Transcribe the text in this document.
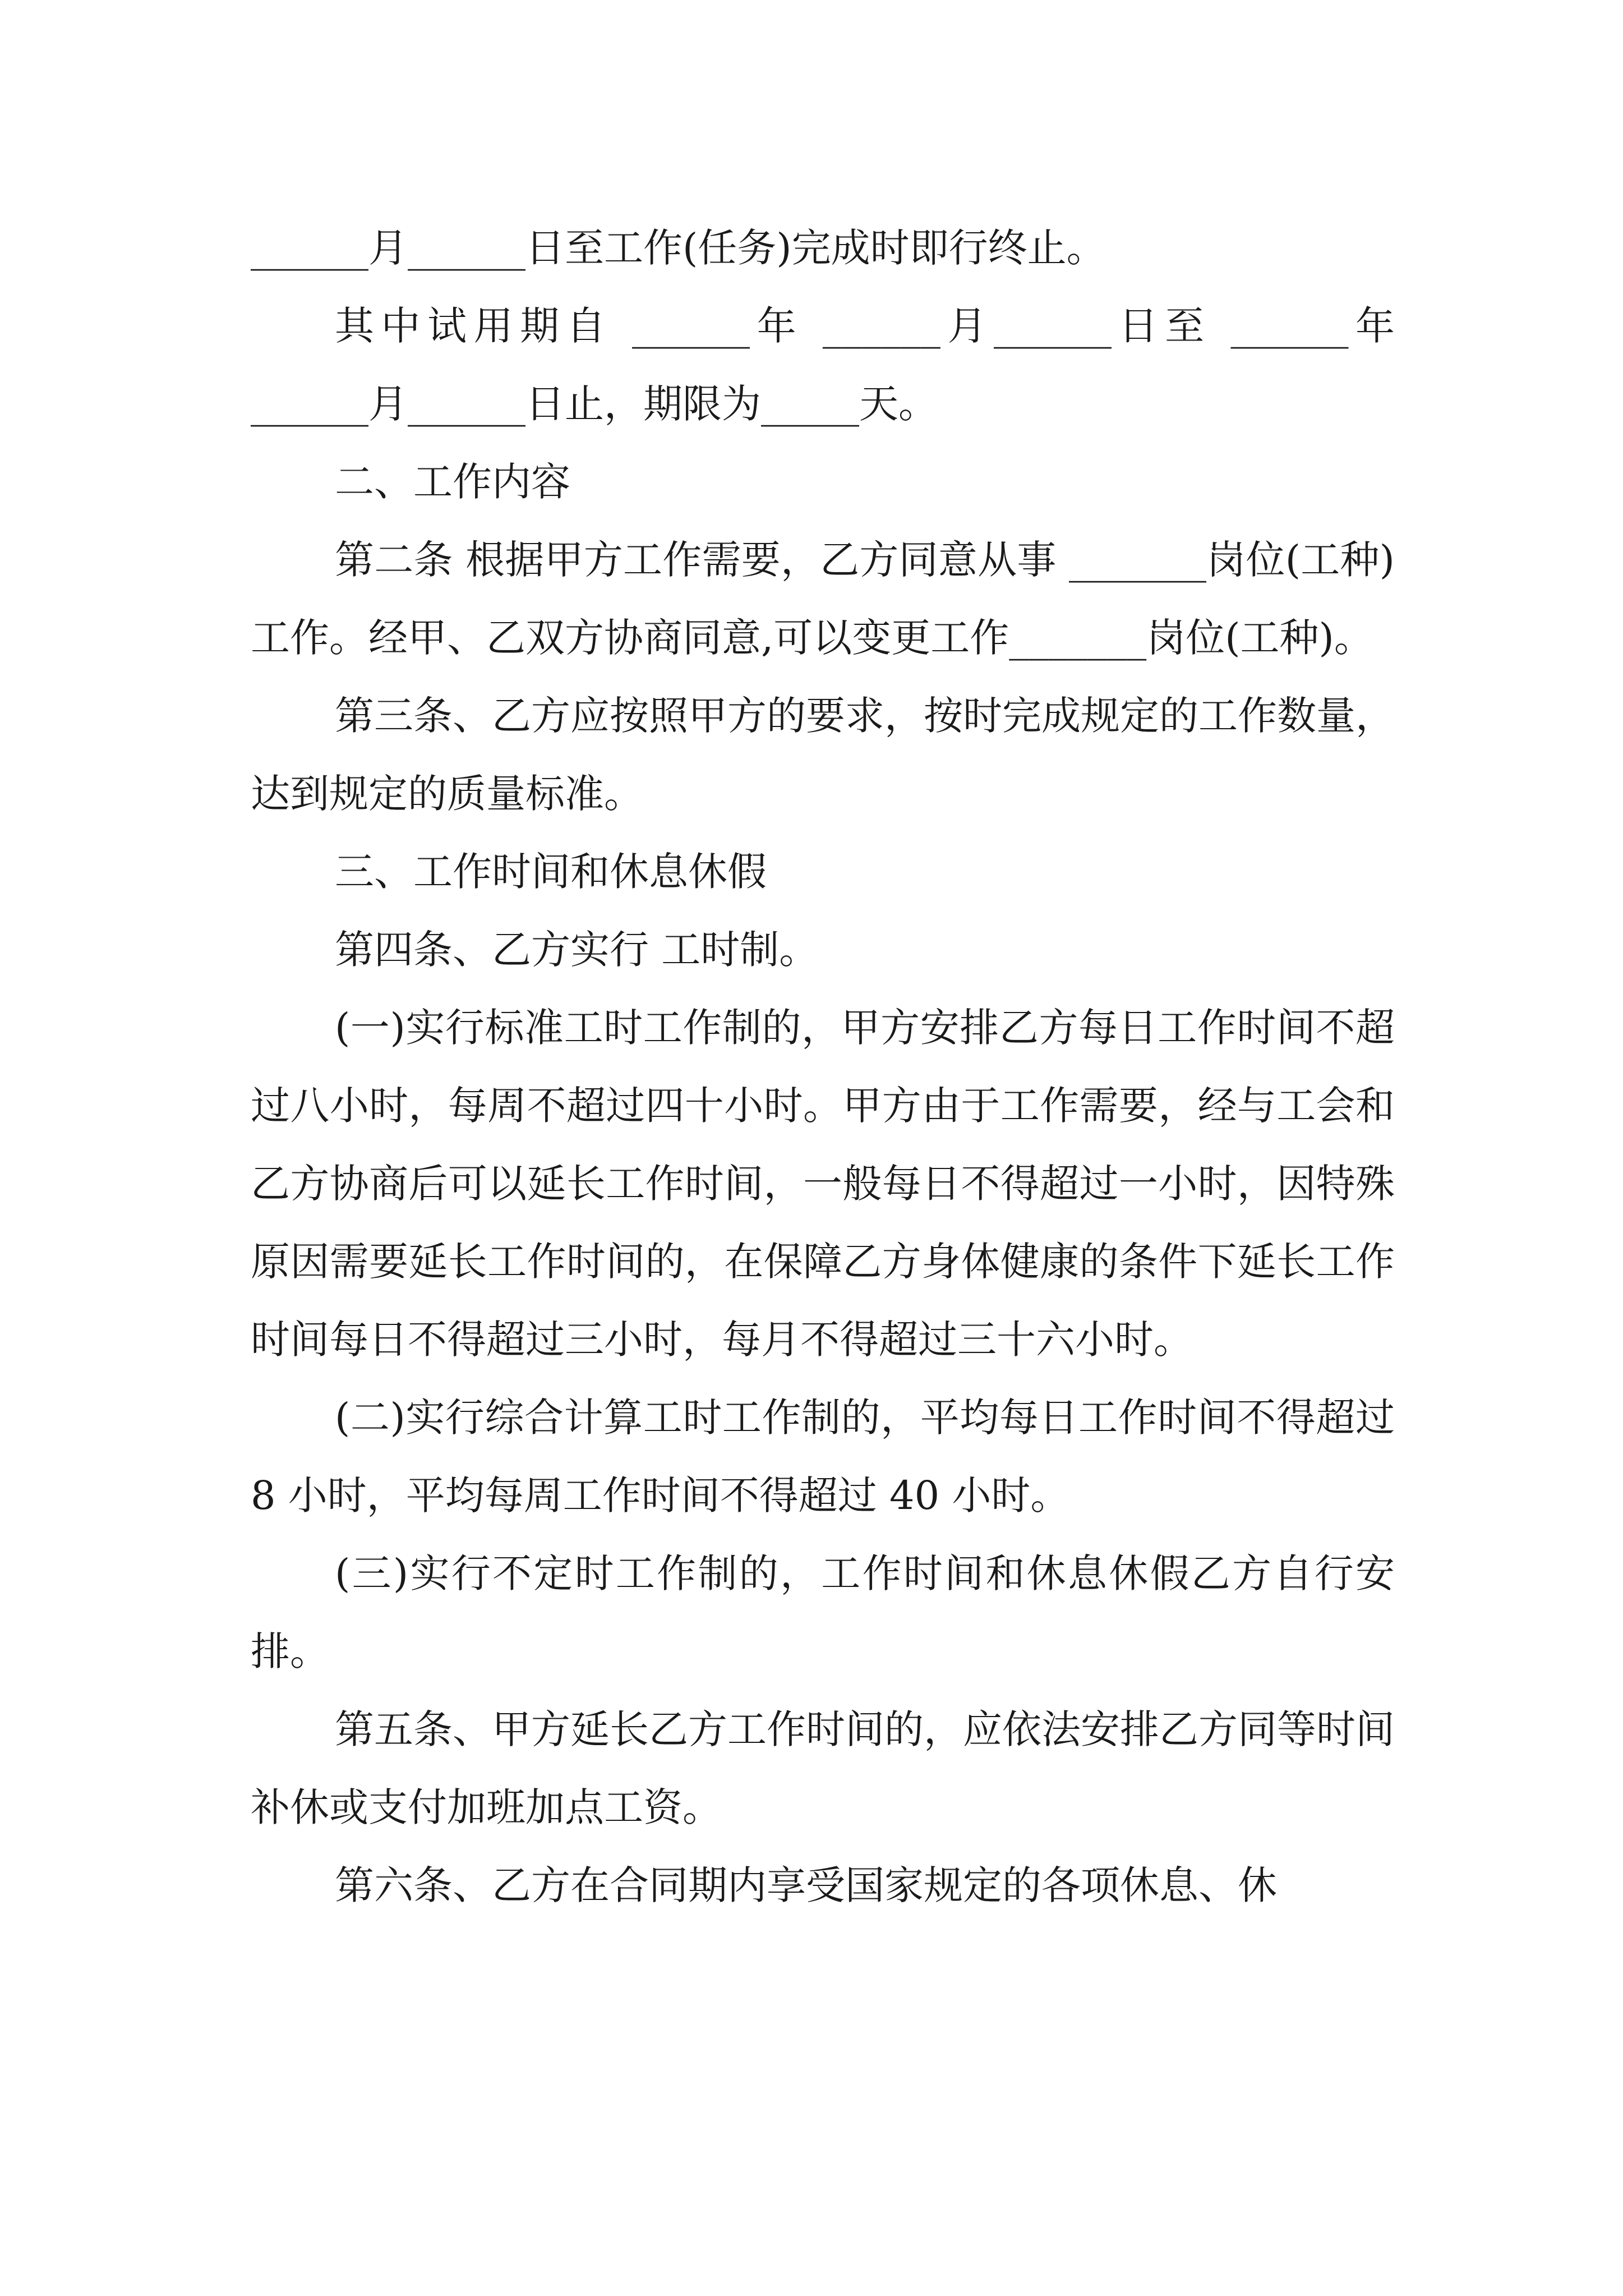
______月______日至工作(任务)完成时即行终止。

其中试用期自 ______年 ______月______日至 ______年 ______月______日止，期限为_____天。

二、工作内容

第二条 根据甲方工作需要，乙方同意从事 _______岗位(工种)工作。经甲、乙双方协商同意,可以变更工作_______岗位(工种)。

第三条、乙方应按照甲方的要求，按时完成规定的工作数量，达到规定的质量标准。

三、工作时间和休息休假

第四条、乙方实行 工时制。

(一)实行标准工时工作制的，甲方安排乙方每日工作时间不超过八小时，每周不超过四十小时。甲方由于工作需要，经与工会和乙方协商后可以延长工作时间，一般每日不得超过一小时，因特殊原因需要延长工作时间的，在保障乙方身体健康的条件下延长工作时间每日不得超过三小时，每月不得超过三十六小时。

(二)实行综合计算工时工作制的，平均每日工作时间不得超过 8 小时，平均每周工作时间不得超过 40 小时。

(三)实行不定时工作制的，工作时间和休息休假乙方自行安排。

第五条、甲方延长乙方工作时间的，应依法安排乙方同等时间补休或支付加班加点工资。

第六条、乙方在合同期内享受国家规定的各项休息、休
